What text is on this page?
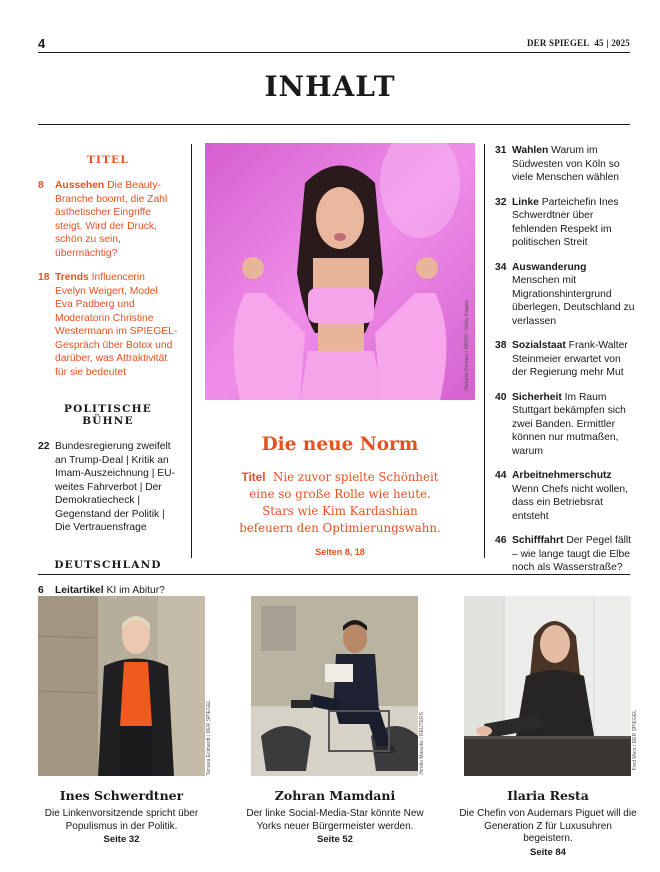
4	DER SPIEGEL 45 | 2025
INHALT
TITEL
8	Aussehen Die Beauty-Branche boomt, die Zahl ästhetischer Eingriffe steigt. Wird der Druck, schön zu sein, übermächtig?
18 Trends Influencerin Evelyn Weigert, Model Eva Padberg und Moderatorin Christine Westermann im SPIEGEL-Gespräch über Botox und darüber, was Attraktivität für sie bedeutet
POLITISCHE BÜHNE
22 Bundesregierung zweifelt an Trump-Deal | Kritik an Imam-Auszeichnung | EU-weites Fahrverbot | Der Demokratiecheck | Gegenstand der Politik | Die Vertrauensfrage
DEUTSCHLAND
6	Leitartikel KI im Abitur?
Stefanie Keenan / SKIMS / Getty Images
Die neue Norm
Titel Nie zuvor spielte Schönheit eine so große Rolle wie heute. Stars wie Kim Kardashian befeuern den Optimierungswahn.
Seiten 8, 18
31 Wahlen Warum im Südwesten von Köln so viele Menschen wählen
32 Linke Parteichefin Ines Schwerdtner über fehlenden Respekt im politischen Streit
34 Auswanderung Menschen mit Migrationshintergrund überlegen, Deutschland zu verlassen
38 Sozialstaat Frank-Walter Steinmeier erwartet von der Regierung mehr Mut
40 Sicherheit Im Raum Stuttgart bekämpfen sich zwei Banden. Ermittler können nur mutmaßen, warum
44 Arbeitnehmerschutz Wenn Chefs nicht wollen, dass ein Betriebsrat entsteht
46 Schifffahrt Der Pegel fällt – wie lange taugt die Elbe noch als Wasserstraße?
Tamara Eckhardt / DER SPIEGEL	Hiroko Masuike / REUTERS	Fred Merz / DER SPIEGEL
Ines Schwerdtner
Die Linkenvorsitzende spricht über Populismus in der Politik.
Seite 32
Zohran Mamdani
Der linke Social-Media-Star könnte New Yorks neuer Bürgermeister werden.
Seite 52
Ilaria Resta
Die Chefin von Audemars Piguet will die Generation Z für Luxusuhren begeistern.
Seite 84
